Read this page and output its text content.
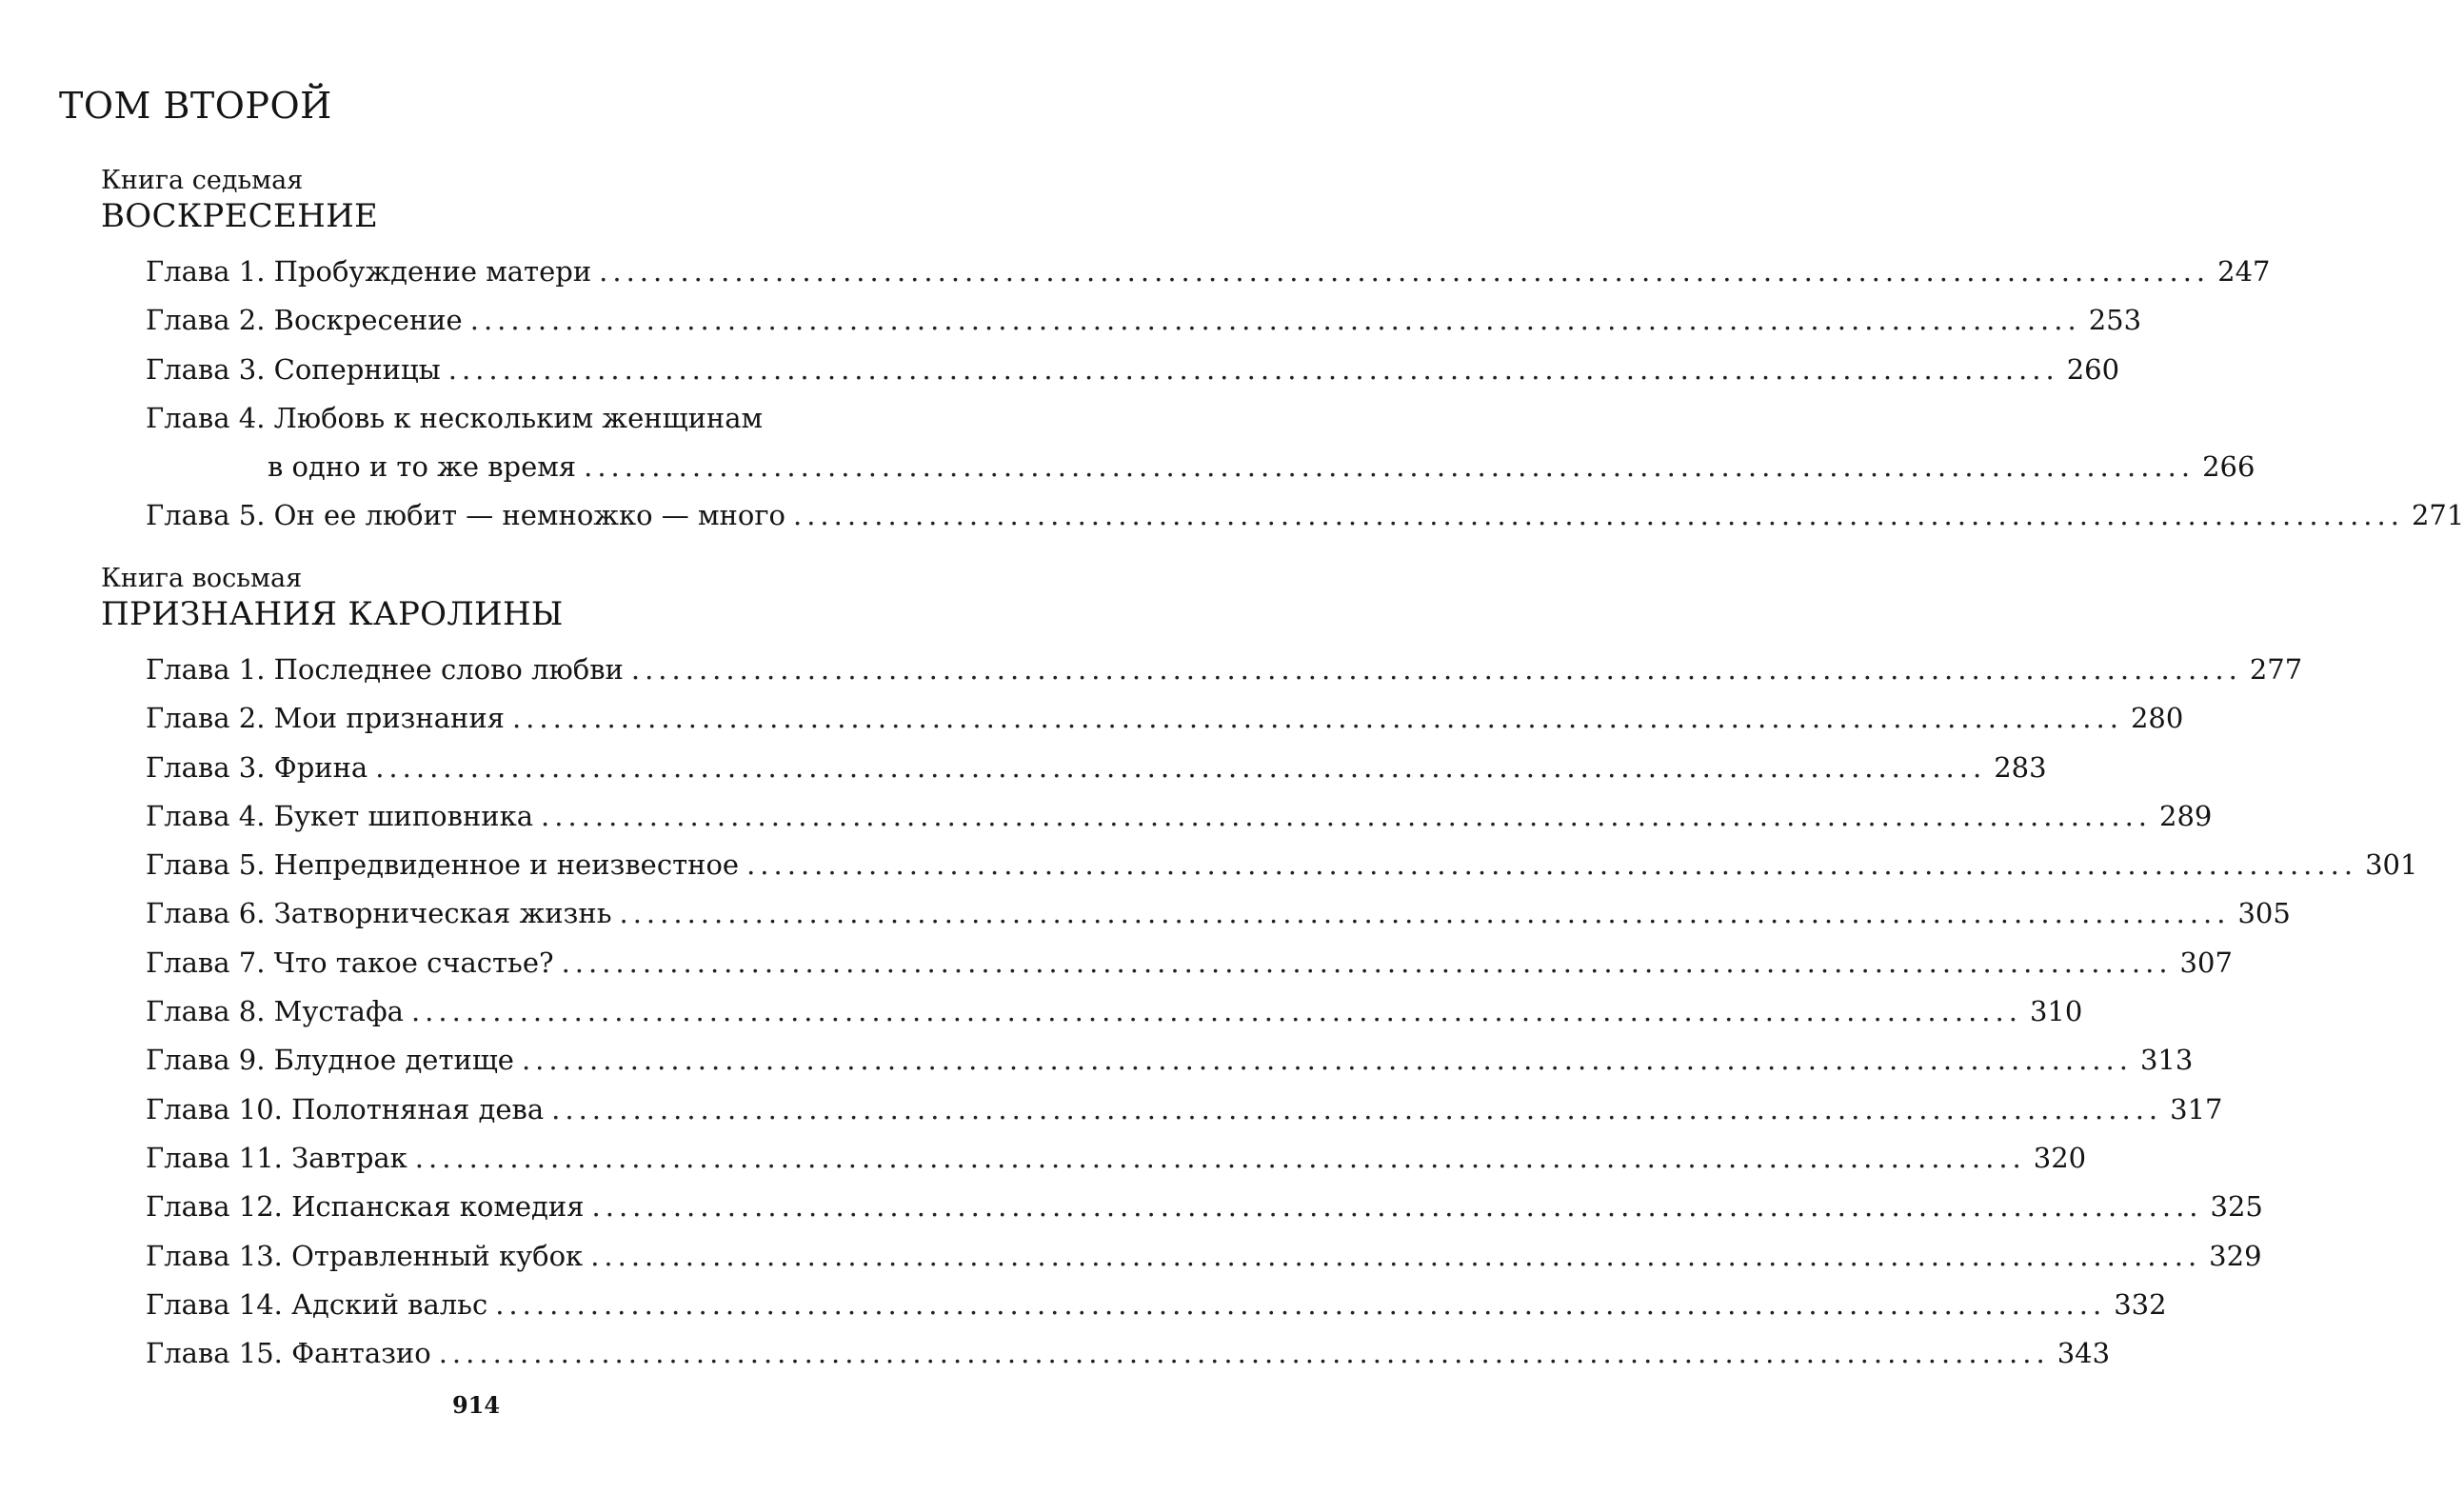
ТОМ ВТОРОЙ
Книга седьмая
ВОСКРЕСЕНИЕ
Глава 1. Пробуждение матери ....................................................................................................................... 247
Глава 2. Воскресение ....................................................................................................................... 253
Глава 3. Соперницы ....................................................................................................................... 260
Глава 4. Любовь к нескольким женщинам
в одно и то же время ....................................................................................................................... 266
Глава 5. Он ее любит — немножко — много ....................................................................................................................... 271
Книга восьмая
ПРИЗНАНИЯ КАРОЛИНЫ
Глава 1. Последнее слово любви ....................................................................................................................... 277
Глава 2. Мои признания ....................................................................................................................... 280
Глава 3. Фрина ....................................................................................................................... 283
Глава 4. Букет шиповника ....................................................................................................................... 289
Глава 5. Непредвиденное и неизвестное ....................................................................................................................... 301
Глава 6. Затворническая жизнь ....................................................................................................................... 305
Глава 7. Что такое счастье? ....................................................................................................................... 307
Глава 8. Мустафа ....................................................................................................................... 310
Глава 9. Блудное детище ....................................................................................................................... 313
Глава 10. Полотняная дева ....................................................................................................................... 317
Глава 11. Завтрак ....................................................................................................................... 320
Глава 12. Испанская комедия ....................................................................................................................... 325
Глава 13. Отравленный кубок ....................................................................................................................... 329
Глава 14. Адский вальс ....................................................................................................................... 332
Глава 15. Фантазио ....................................................................................................................... 343
914
